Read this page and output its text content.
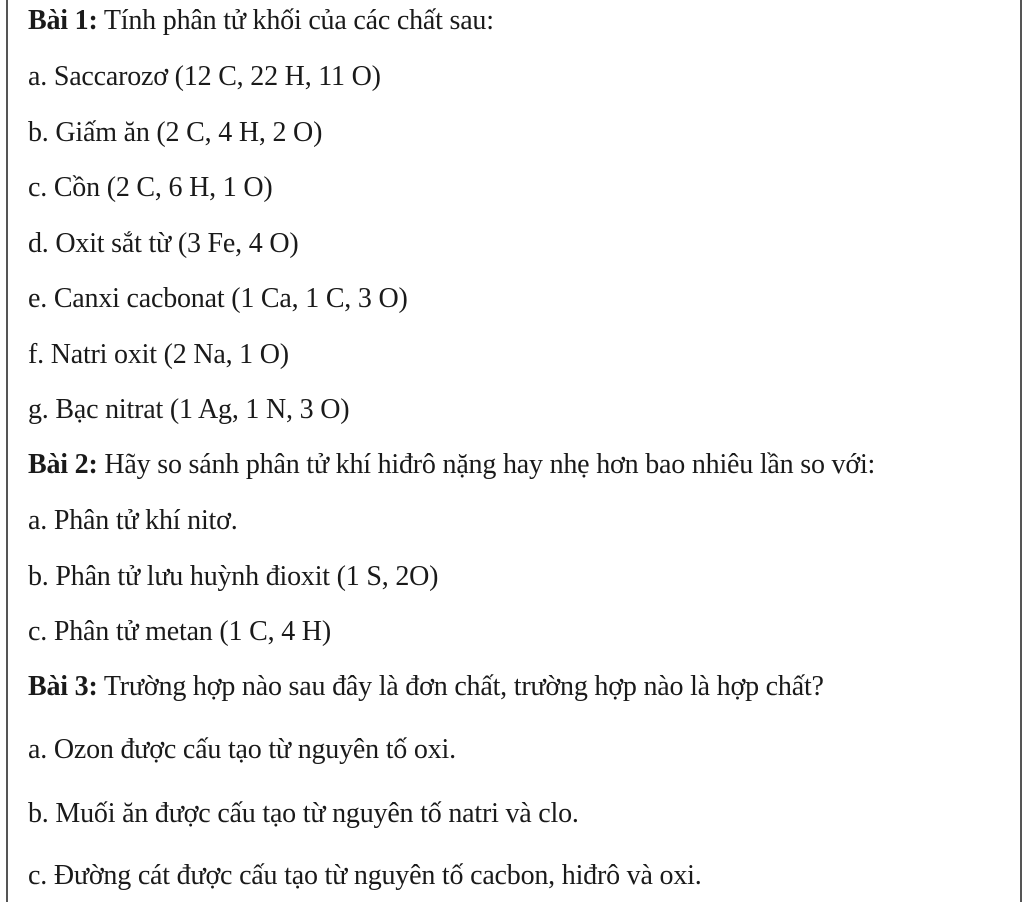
Bài 1: Tính phân tử khối của các chất sau:
a. Saccarozơ (12 C, 22 H, 11 O)
b. Giấm ăn (2 C, 4 H, 2 O)
c. Cồn (2 C, 6 H, 1 O)
d. Oxit sắt từ (3 Fe, 4 O)
e. Canxi cacbonat (1 Ca, 1 C, 3 O)
f. Natri oxit (2 Na, 1 O)
g. Bạc nitrat (1 Ag, 1 N, 3 O)
Bài 2: Hãy so sánh phân tử khí hiđrô nặng hay nhẹ hơn bao nhiêu lần so với:
a. Phân tử khí nitơ.
b. Phân tử lưu huỳnh đioxit (1 S, 2O)
c. Phân tử metan (1 C, 4 H)
Bài 3: Trường hợp nào sau đây là đơn chất, trường hợp nào là hợp chất?
a. Ozon được cấu tạo từ nguyên tố oxi.
b. Muối ăn được cấu tạo từ nguyên tố natri và clo.
c. Đường cát được cấu tạo từ nguyên tố cacbon, hiđrô và oxi.
